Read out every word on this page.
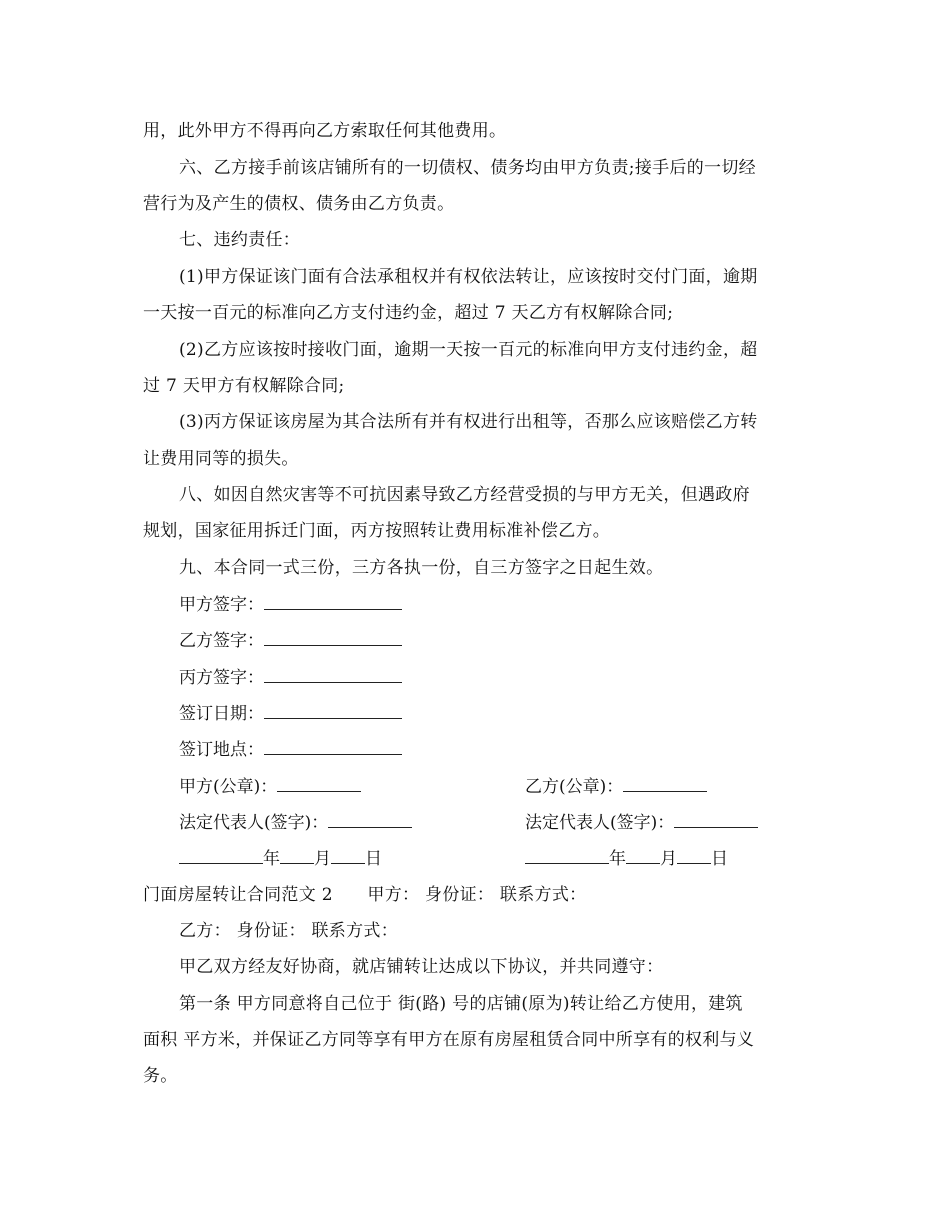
用，此外甲方不得再向乙方索取任何其他费用。
六、乙方接手前该店铺所有的一切债权、债务均由甲方负责;接手后的一切经
营行为及产生的债权、债务由乙方负责。
七、违约责任：
(1)甲方保证该门面有合法承租权并有权依法转让，应该按时交付门面，逾期
一天按一百元的标准向乙方支付违约金，超过 7 天乙方有权解除合同;
(2)乙方应该按时接收门面，逾期一天按一百元的标准向甲方支付违约金，超
过 7 天甲方有权解除合同;
(3)丙方保证该房屋为其合法所有并有权进行出租等，否那么应该赔偿乙方转
让费用同等的损失。
八、如因自然灾害等不可抗因素导致乙方经营受损的与甲方无关，但遇政府
规划，国家征用拆迁门面，丙方按照转让费用标准补偿乙方。
九、本合同一式三份，三方各执一份，自三方签字之日起生效。
甲方签字：
乙方签字：
丙方签字：
签订日期：
签订地点：
甲方(公章)：	乙方(公章)：
法定代表人(签字)：	法定代表人(签字)：
年 月 日	年 月 日
门面房屋转让合同范文 2　　甲方： 身份证： 联系方式：
乙方： 身份证： 联系方式：
甲乙双方经友好协商，就店铺转让达成以下协议，并共同遵守：
第一条 甲方同意将自己位于 街(路) 号的店铺(原为)转让给乙方使用，建筑
面积 平方米，并保证乙方同等享有甲方在原有房屋租赁合同中所享有的权利与义
务。
